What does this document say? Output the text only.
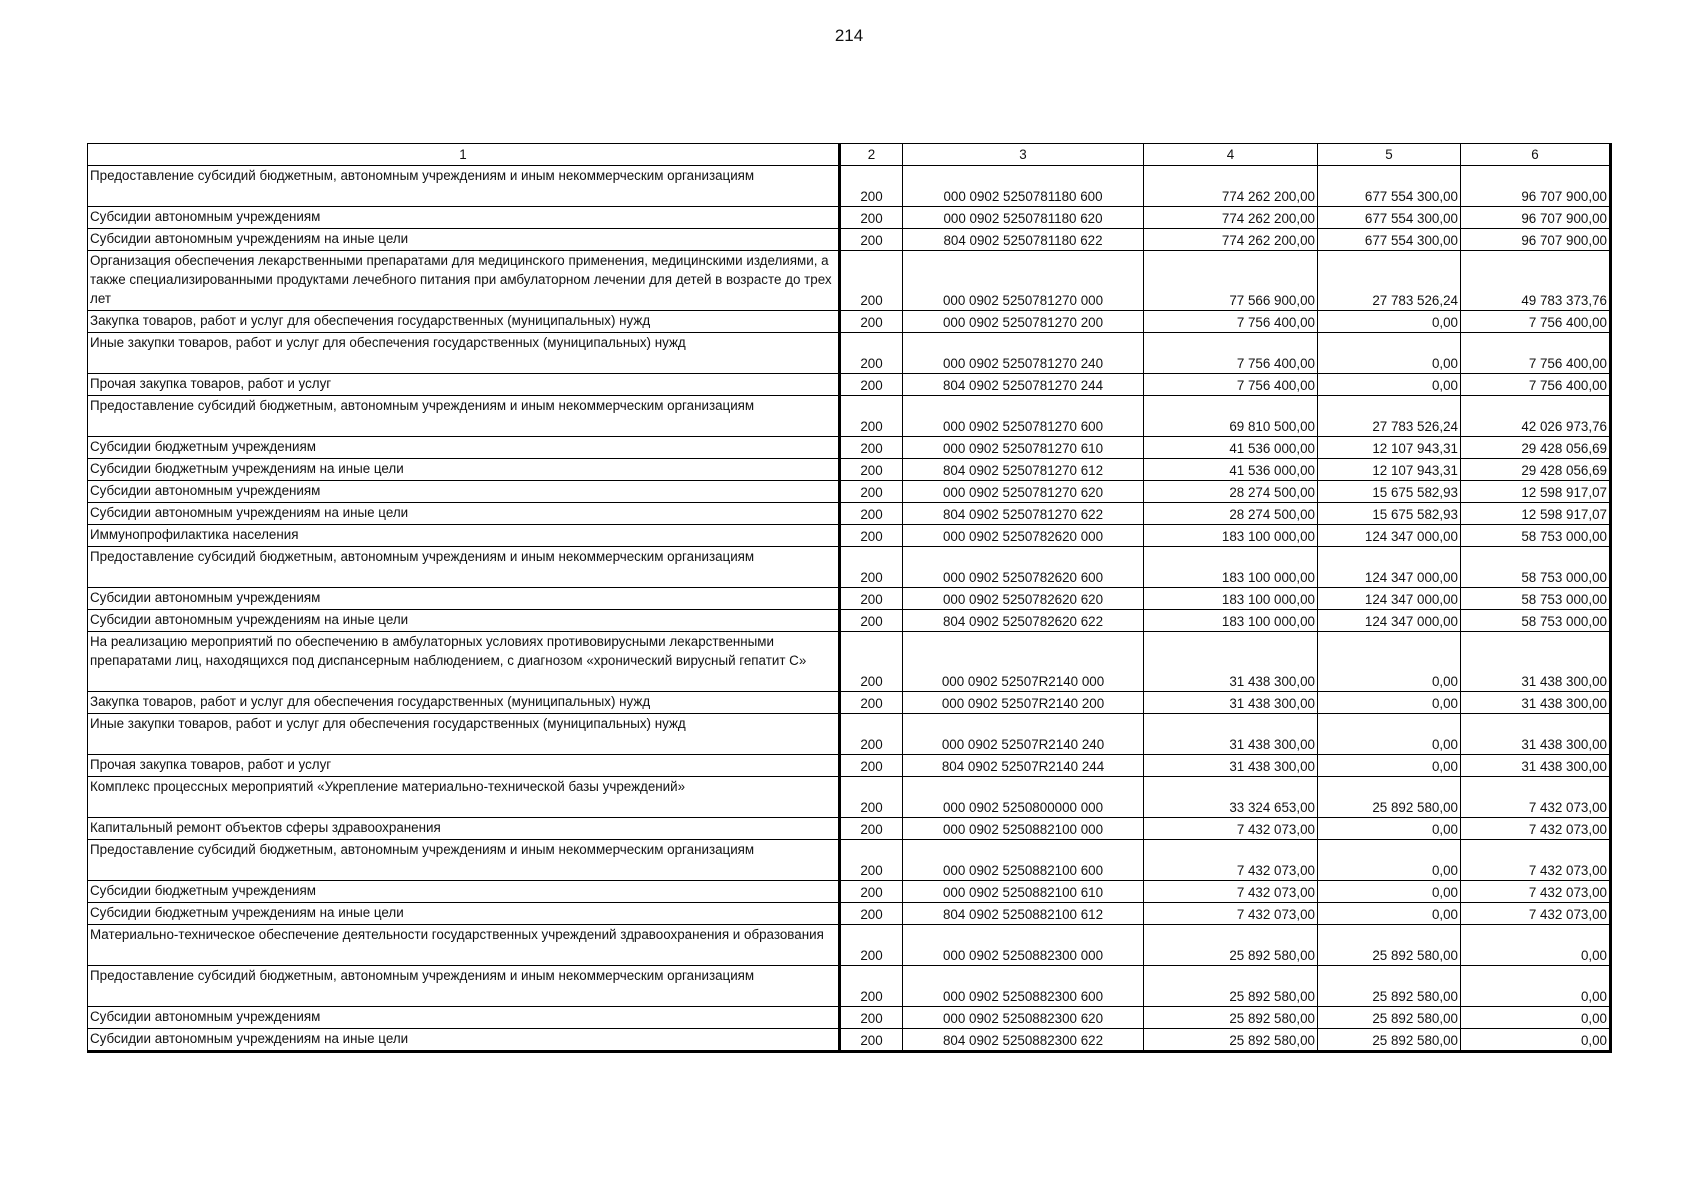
214
1	2	3	4	5	6
Предоставление субсидий бюджетным, автономным учреждениям и иным некоммерческим организациям	200	000 0902 5250781180 600	774 262 200,00	677 554 300,00	96 707 900,00
Субсидии автономным учреждениям	200	000 0902 5250781180 620	774 262 200,00	677 554 300,00	96 707 900,00
Субсидии автономным учреждениям на иные цели	200	804 0902 5250781180 622	774 262 200,00	677 554 300,00	96 707 900,00
Организация обеспечения лекарственными препаратами для медицинского применения, медицинскими изделиями, а также специализированными продуктами лечебного питания при амбулаторном лечении для детей в возрасте до трех лет	200	000 0902 5250781270 000	77 566 900,00	27 783 526,24	49 783 373,76
Закупка товаров, работ и услуг для обеспечения государственных (муниципальных) нужд	200	000 0902 5250781270 200	7 756 400,00	0,00	7 756 400,00
Иные закупки товаров, работ и услуг для обеспечения государственных (муниципальных) нужд	200	000 0902 5250781270 240	7 756 400,00	0,00	7 756 400,00
Прочая закупка товаров, работ и услуг	200	804 0902 5250781270 244	7 756 400,00	0,00	7 756 400,00
Предоставление субсидий бюджетным, автономным учреждениям и иным некоммерческим организациям	200	000 0902 5250781270 600	69 810 500,00	27 783 526,24	42 026 973,76
Субсидии бюджетным учреждениям	200	000 0902 5250781270 610	41 536 000,00	12 107 943,31	29 428 056,69
Субсидии бюджетным учреждениям на иные цели	200	804 0902 5250781270 612	41 536 000,00	12 107 943,31	29 428 056,69
Субсидии автономным учреждениям	200	000 0902 5250781270 620	28 274 500,00	15 675 582,93	12 598 917,07
Субсидии автономным учреждениям на иные цели	200	804 0902 5250781270 622	28 274 500,00	15 675 582,93	12 598 917,07
Иммунопрофилактика населения	200	000 0902 5250782620 000	183 100 000,00	124 347 000,00	58 753 000,00
Предоставление субсидий бюджетным, автономным учреждениям и иным некоммерческим организациям	200	000 0902 5250782620 600	183 100 000,00	124 347 000,00	58 753 000,00
Субсидии автономным учреждениям	200	000 0902 5250782620 620	183 100 000,00	124 347 000,00	58 753 000,00
Субсидии автономным учреждениям на иные цели	200	804 0902 5250782620 622	183 100 000,00	124 347 000,00	58 753 000,00
На реализацию мероприятий по обеспечению в амбулаторных условиях противовирусными лекарственными препаратами лиц, находящихся под диспансерным наблюдением, с диагнозом «хронический вирусный гепатит С»	200	000 0902 52507R2140 000	31 438 300,00	0,00	31 438 300,00
Закупка товаров, работ и услуг для обеспечения государственных (муниципальных) нужд	200	000 0902 52507R2140 200	31 438 300,00	0,00	31 438 300,00
Иные закупки товаров, работ и услуг для обеспечения государственных (муниципальных) нужд	200	000 0902 52507R2140 240	31 438 300,00	0,00	31 438 300,00
Прочая закупка товаров, работ и услуг	200	804 0902 52507R2140 244	31 438 300,00	0,00	31 438 300,00
Комплекс процессных мероприятий «Укрепление материально-технической базы учреждений»	200	000 0902 5250800000 000	33 324 653,00	25 892 580,00	7 432 073,00
Капитальный ремонт объектов сферы здравоохранения	200	000 0902 5250882100 000	7 432 073,00	0,00	7 432 073,00
Предоставление субсидий бюджетным, автономным учреждениям и иным некоммерческим организациям	200	000 0902 5250882100 600	7 432 073,00	0,00	7 432 073,00
Субсидии бюджетным учреждениям	200	000 0902 5250882100 610	7 432 073,00	0,00	7 432 073,00
Субсидии бюджетным учреждениям на иные цели	200	804 0902 5250882100 612	7 432 073,00	0,00	7 432 073,00
Материально-техническое обеспечение деятельности государственных учреждений здравоохранения и образования	200	000 0902 5250882300 000	25 892 580,00	25 892 580,00	0,00
Предоставление субсидий бюджетным, автономным учреждениям и иным некоммерческим организациям	200	000 0902 5250882300 600	25 892 580,00	25 892 580,00	0,00
Субсидии автономным учреждениям	200	000 0902 5250882300 620	25 892 580,00	25 892 580,00	0,00
Субсидии автономным учреждениям на иные цели	200	804 0902 5250882300 622	25 892 580,00	25 892 580,00	0,00
